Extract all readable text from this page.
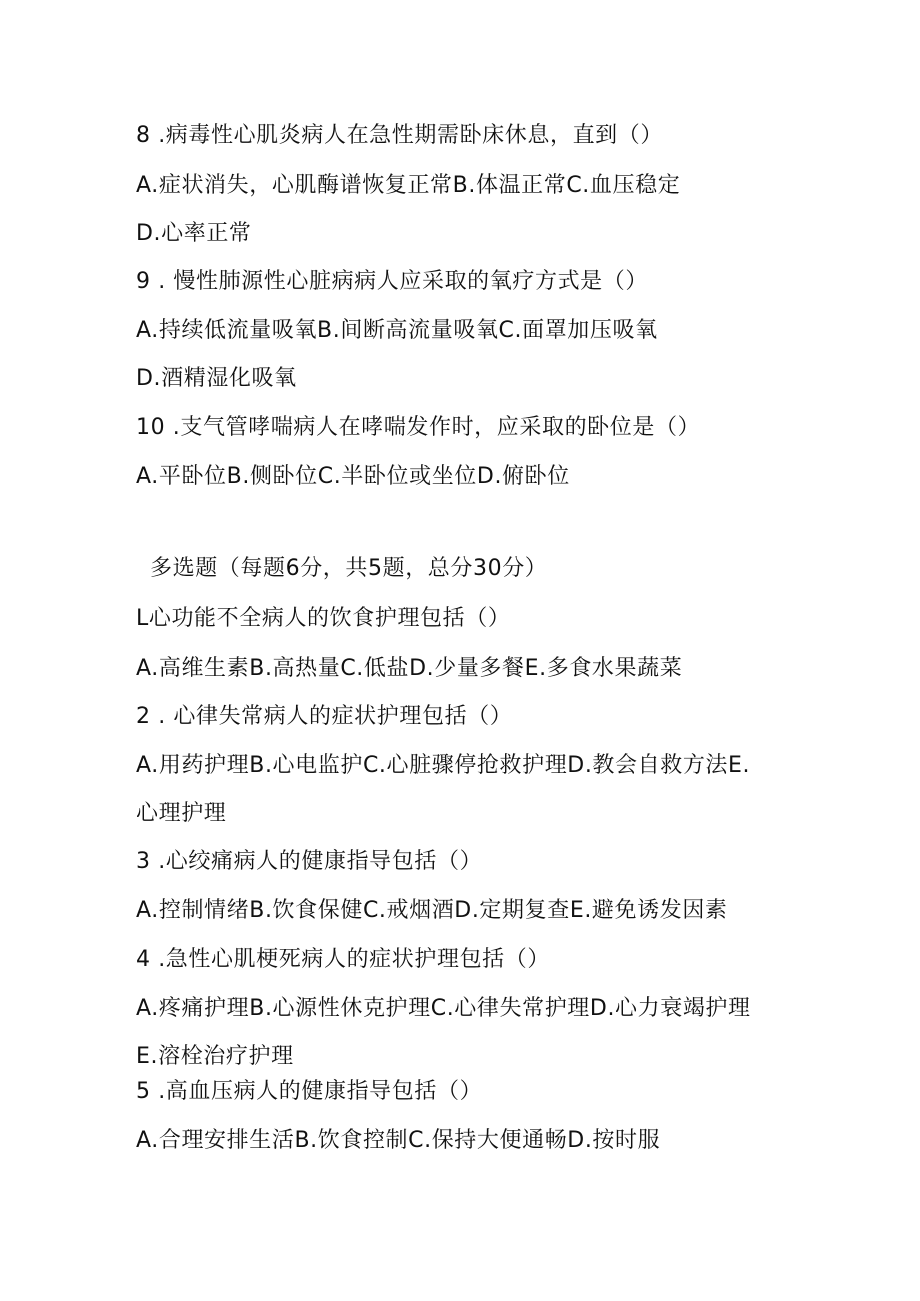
8 .病毒性心肌炎病人在急性期需卧床休息，直到（）
A.症状消失，心肌酶谱恢复正常B.体温正常C.血压稳定
D.心率正常
9 . 慢性肺源性心脏病病人应采取的氧疗方式是（）
A.持续低流量吸氧B.间断高流量吸氧C.面罩加压吸氧
D.酒精湿化吸氧
10 .支气管哮喘病人在哮喘发作时，应采取的卧位是（）
A.平卧位B.侧卧位C.半卧位或坐位D.俯卧位
多选题（每题6分，共5题，总分30分）
L心功能不全病人的饮食护理包括（）
A.高维生素B.高热量C.低盐D.少量多餐E.多食水果蔬菜
2 . 心律失常病人的症状护理包括（）
A.用药护理B.心电监护C.心脏骤停抢救护理D.教会自救方法E.
心理护理
3 .心绞痛病人的健康指导包括（）
A.控制情绪B.饮食保健C.戒烟酒D.定期复查E.避免诱发因素
4 .急性心肌梗死病人的症状护理包括（）
A.疼痛护理B.心源性休克护理C.心律失常护理D.心力衰竭护理
E.溶栓治疗护理
5 .高血压病人的健康指导包括（）
A.合理安排生活B.饮食控制C.保持大便通畅D.按时服
